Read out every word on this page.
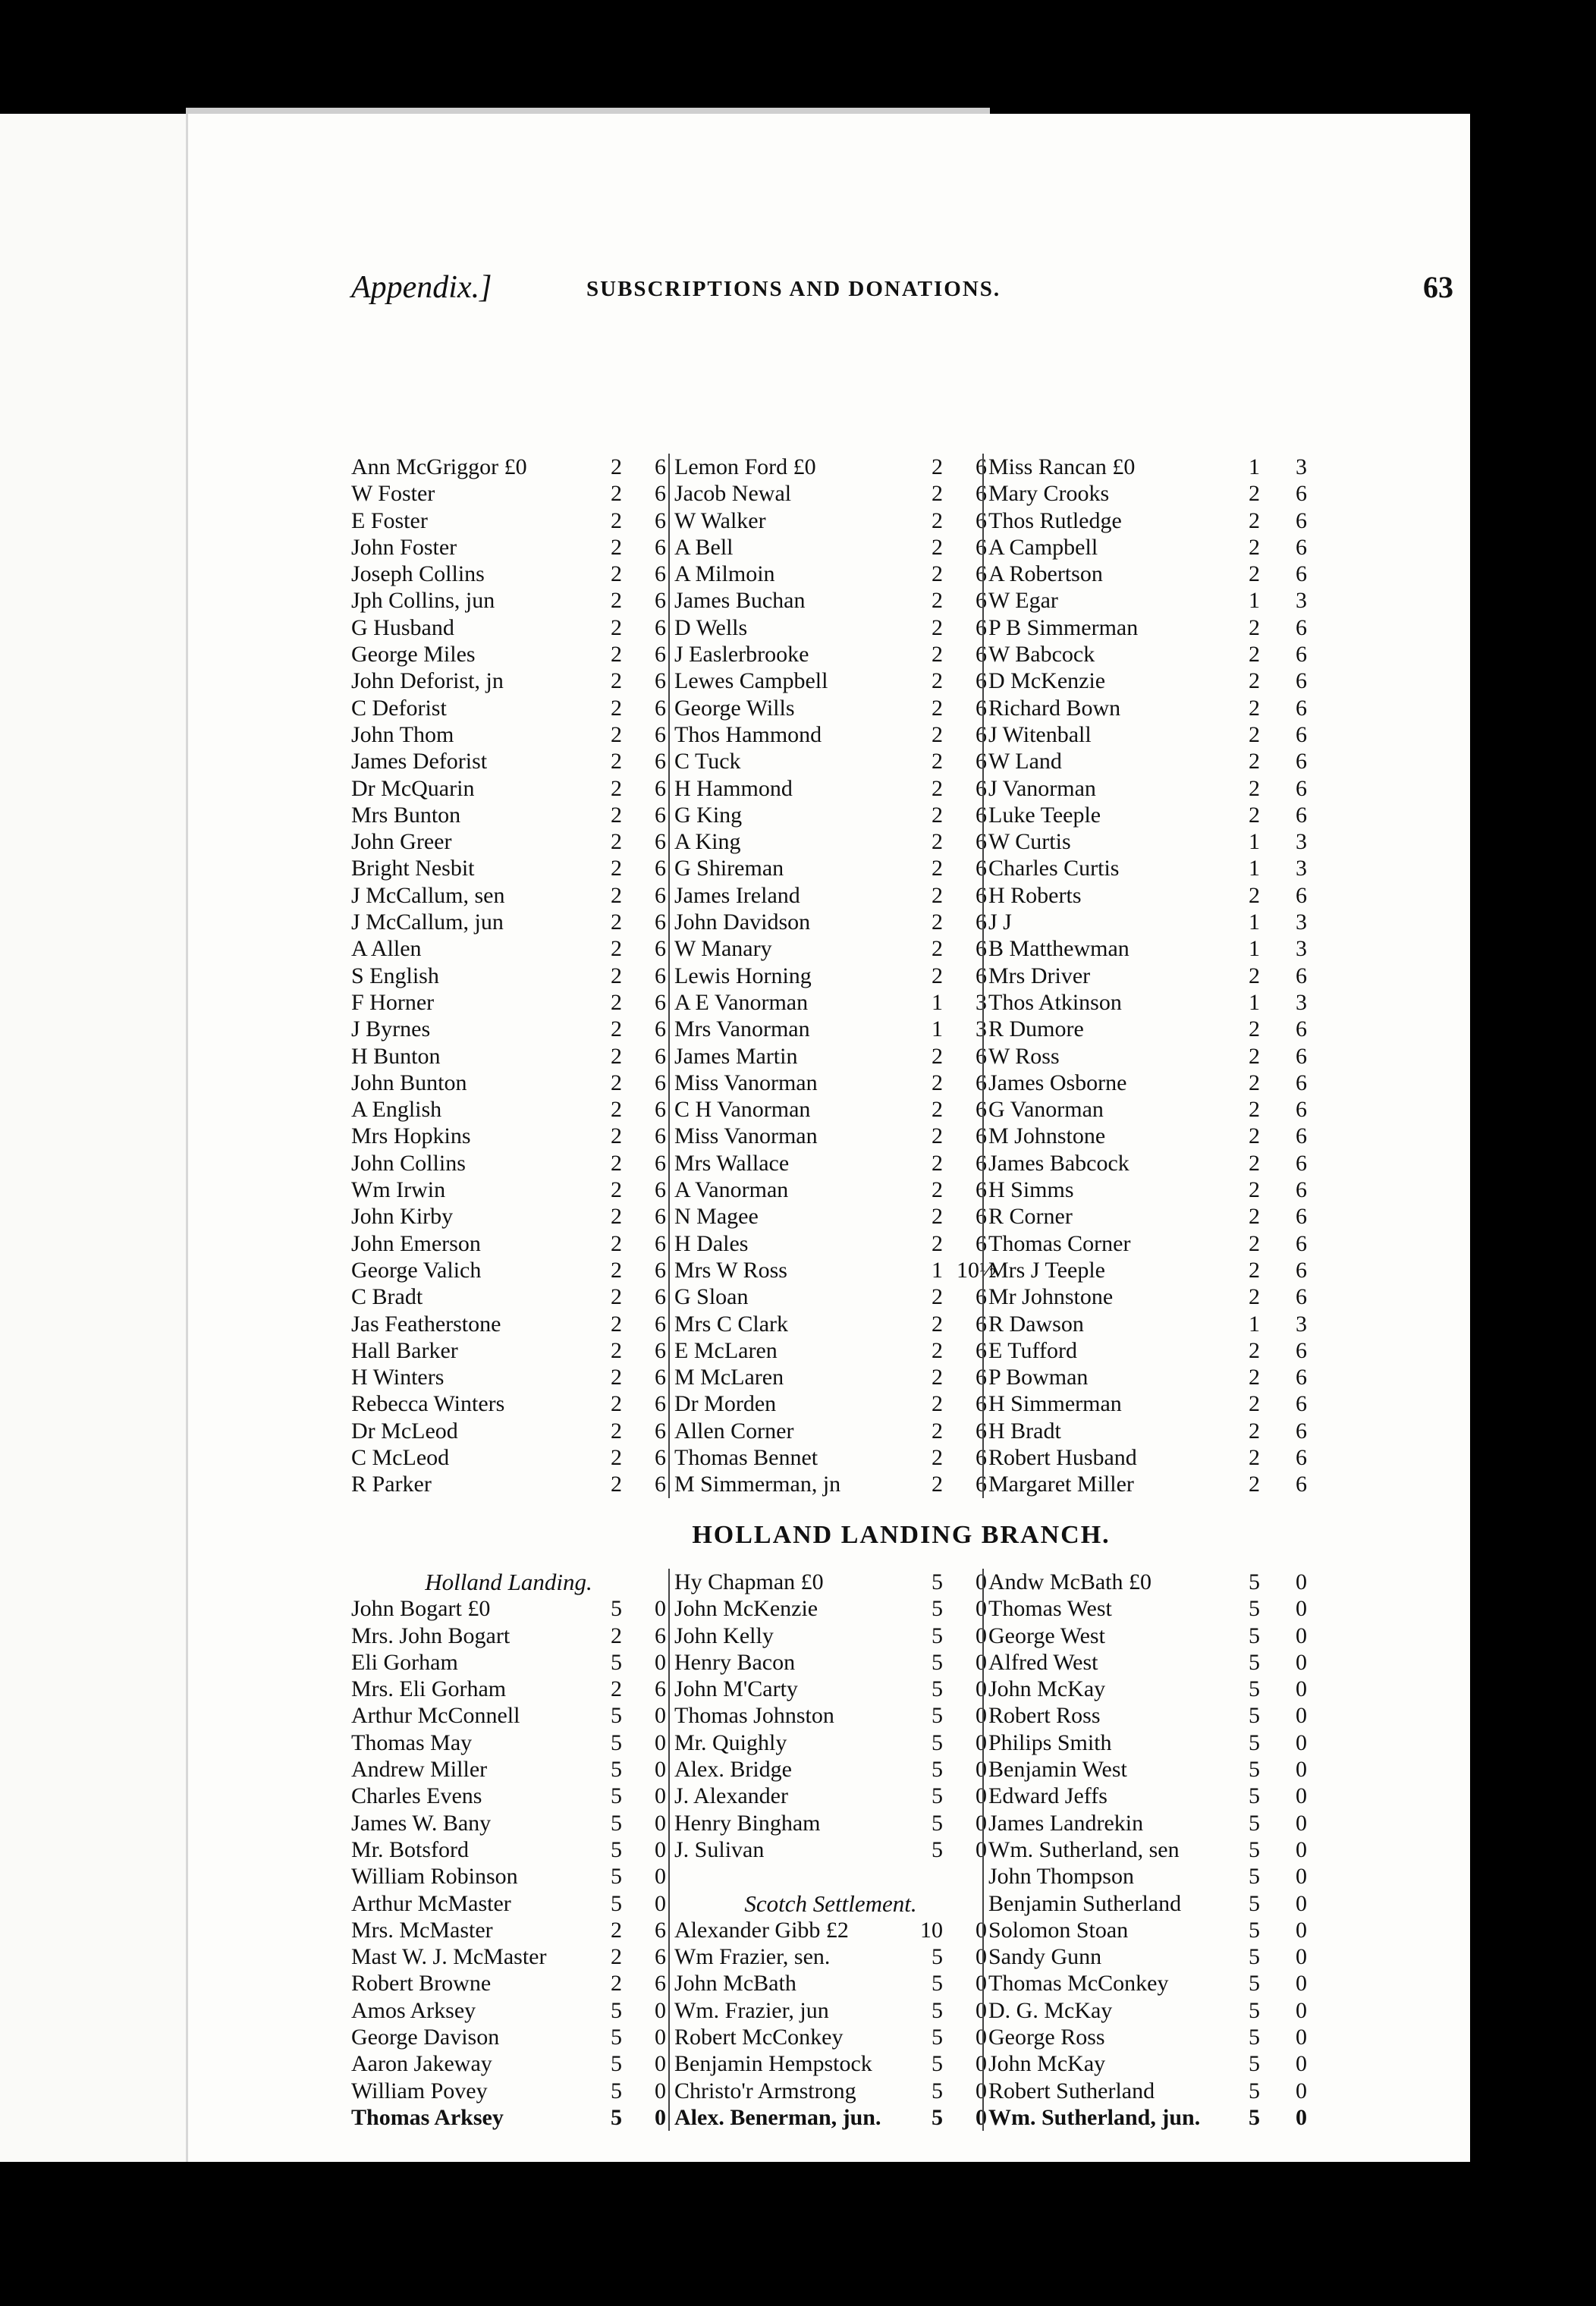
Appendix.]	SUBSCRIPTIONS AND DONATIONS.	63
Ann McGriggor £0	2	6
W Foster	2	6
E Foster	2	6
John Foster	2	6
Joseph Collins	2	6
Jph Collins, jun	2	6
G Husband	2	6
George Miles	2	6
John Deforist, jn	2	6
C Deforist	2	6
John Thom	2	6
James Deforist	2	6
Dr McQuarin	2	6
Mrs Bunton	2	6
John Greer	2	6
Bright Nesbit	2	6
J McCallum, sen	2	6
J McCallum, jun	2	6
A Allen	2	6
S English	2	6
F Horner	2	6
J Byrnes	2	6
H Bunton	2	6
John Bunton	2	6
A English	2	6
Mrs Hopkins	2	6
John Collins	2	6
Wm Irwin	2	6
John Kirby	2	6
John Emerson	2	6
George Valich	2	6
C Bradt	2	6
Jas Featherstone	2	6
Hall Barker	2	6
H Winters	2	6
Rebecca Winters	2	6
Dr McLeod	2	6
C McLeod	2	6
R Parker	2	6
Lemon Ford £0	2	6
Jacob Newal	2	6
W Walker	2	6
A Bell	2	6
A Milmoin	2	6
James Buchan	2	6
D Wells	2	6
J Easlerbrooke	2	6
Lewes Campbell	2	6
George Wills	2	6
Thos Hammond	2	6
C Tuck	2	6
H Hammond	2	6
G King	2	6
A King	2	6
G Shireman	2	6
James Ireland	2	6
John Davidson	2	6
W Manary	2	6
Lewis Horning	2	6
A E Vanorman	1	3
Mrs Vanorman	1	3
James Martin	2	6
Miss Vanorman	2	6
C H Vanorman	2	6
Miss Vanorman	2	6
Mrs Wallace	2	6
A Vanorman	2	6
N Magee	2	6
H Dales	2	6
Mrs W Ross	1 10½
G Sloan	2	6
Mrs C Clark	2	6
E McLaren	2	6
M McLaren	2	6
Dr Morden	2	6
Allen Corner	2	6
Thomas Bennet	2	6
M Simmerman, jn	2	6
Miss Rancan £0	1	3
Mary Crooks	2	6
Thos Rutledge	2	6
A Campbell	2	6
A Robertson	2	6
W Egar	1	3
P B Simmerman	2	6
W Babcock	2	6
D McKenzie	2	6
Richard Bown	2	6
J Witenball	2	6
W Land	2	6
J Vanorman	2	6
Luke Teeple	2	6
W Curtis	1	3
Charles Curtis	1	3
H Roberts	2	6
J J	1	3
B Matthewman	1	3
Mrs Driver	2	6
Thos Atkinson	1	3
R Dumore	2	6
W Ross	2	6
James Osborne	2	6
G Vanorman	2	6
M Johnstone	2	6
James Babcock	2	6
H Simms	2	6
R Corner	2	6
Thomas Corner	2	6
Mrs J Teeple	2	6
Mr Johnstone	2	6
R Dawson	1	3
E Tufford	2	6
P Bowman	2	6
H Simmerman	2	6
H Bradt	2	6
Robert Husband	2	6
Margaret Miller	2	6
HOLLAND LANDING BRANCH.
Holland Landing.
John Bogart £0	5	0
Mrs. John Bogart	2	6
Eli Gorham	5	0
Mrs. Eli Gorham	2	6
Arthur McConnell	5	0
Thomas May	5	0
Andrew Miller	5	0
Charles Evens	5	0
James W. Bany	5	0
Mr. Botsford	5	0
William Robinson	5	0
Arthur McMaster	5	0
Mrs. McMaster	2	6
Mast W. J. McMaster	2	6
Robert Browne	2	6
Amos Arksey	5	0
George Davison	5	0
Aaron Jakeway	5	0
William Povey	5	0
Thomas Arksey	5	0
Hy Chapman £0	5	0
John McKenzie	5	0
John Kelly	5	0
Henry Bacon	5	0
John M'Carty	5	0
Thomas Johnston	5	0
Mr. Quighly	5	0
Alex. Bridge	5	0
J. Alexander	5	0
Henry Bingham	5	0
J. Sulivan	5	0
Scotch Settlement.
Alexander Gibb £2	10	0
Wm Frazier, sen.	5	0
John McBath	5	0
Wm. Frazier, jun	5	0
Robert McConkey	5	0
Benjamin Hempstock	5	0
Christo'r Armstrong	5	0
Alex. Benerman, jun.	5	0
Andw McBath £0	5	0
Thomas West	5	0
George West	5	0
Alfred West	5	0
John McKay	5	0
Robert Ross	5	0
Philips Smith	5	0
Benjamin West	5	0
Edward Jeffs	5	0
James Landrekin	5	0
Wm. Sutherland, sen	5	0
John Thompson	5	0
Benjamin Sutherland	5	0
Solomon Stoan	5	0
Sandy Gunn	5	0
Thomas McConkey	5	0
D. G. McKay	5	0
George Ross	5	0
John McKay	5	0
Robert Sutherland	5	0
Wm. Sutherland, jun.	5	0
